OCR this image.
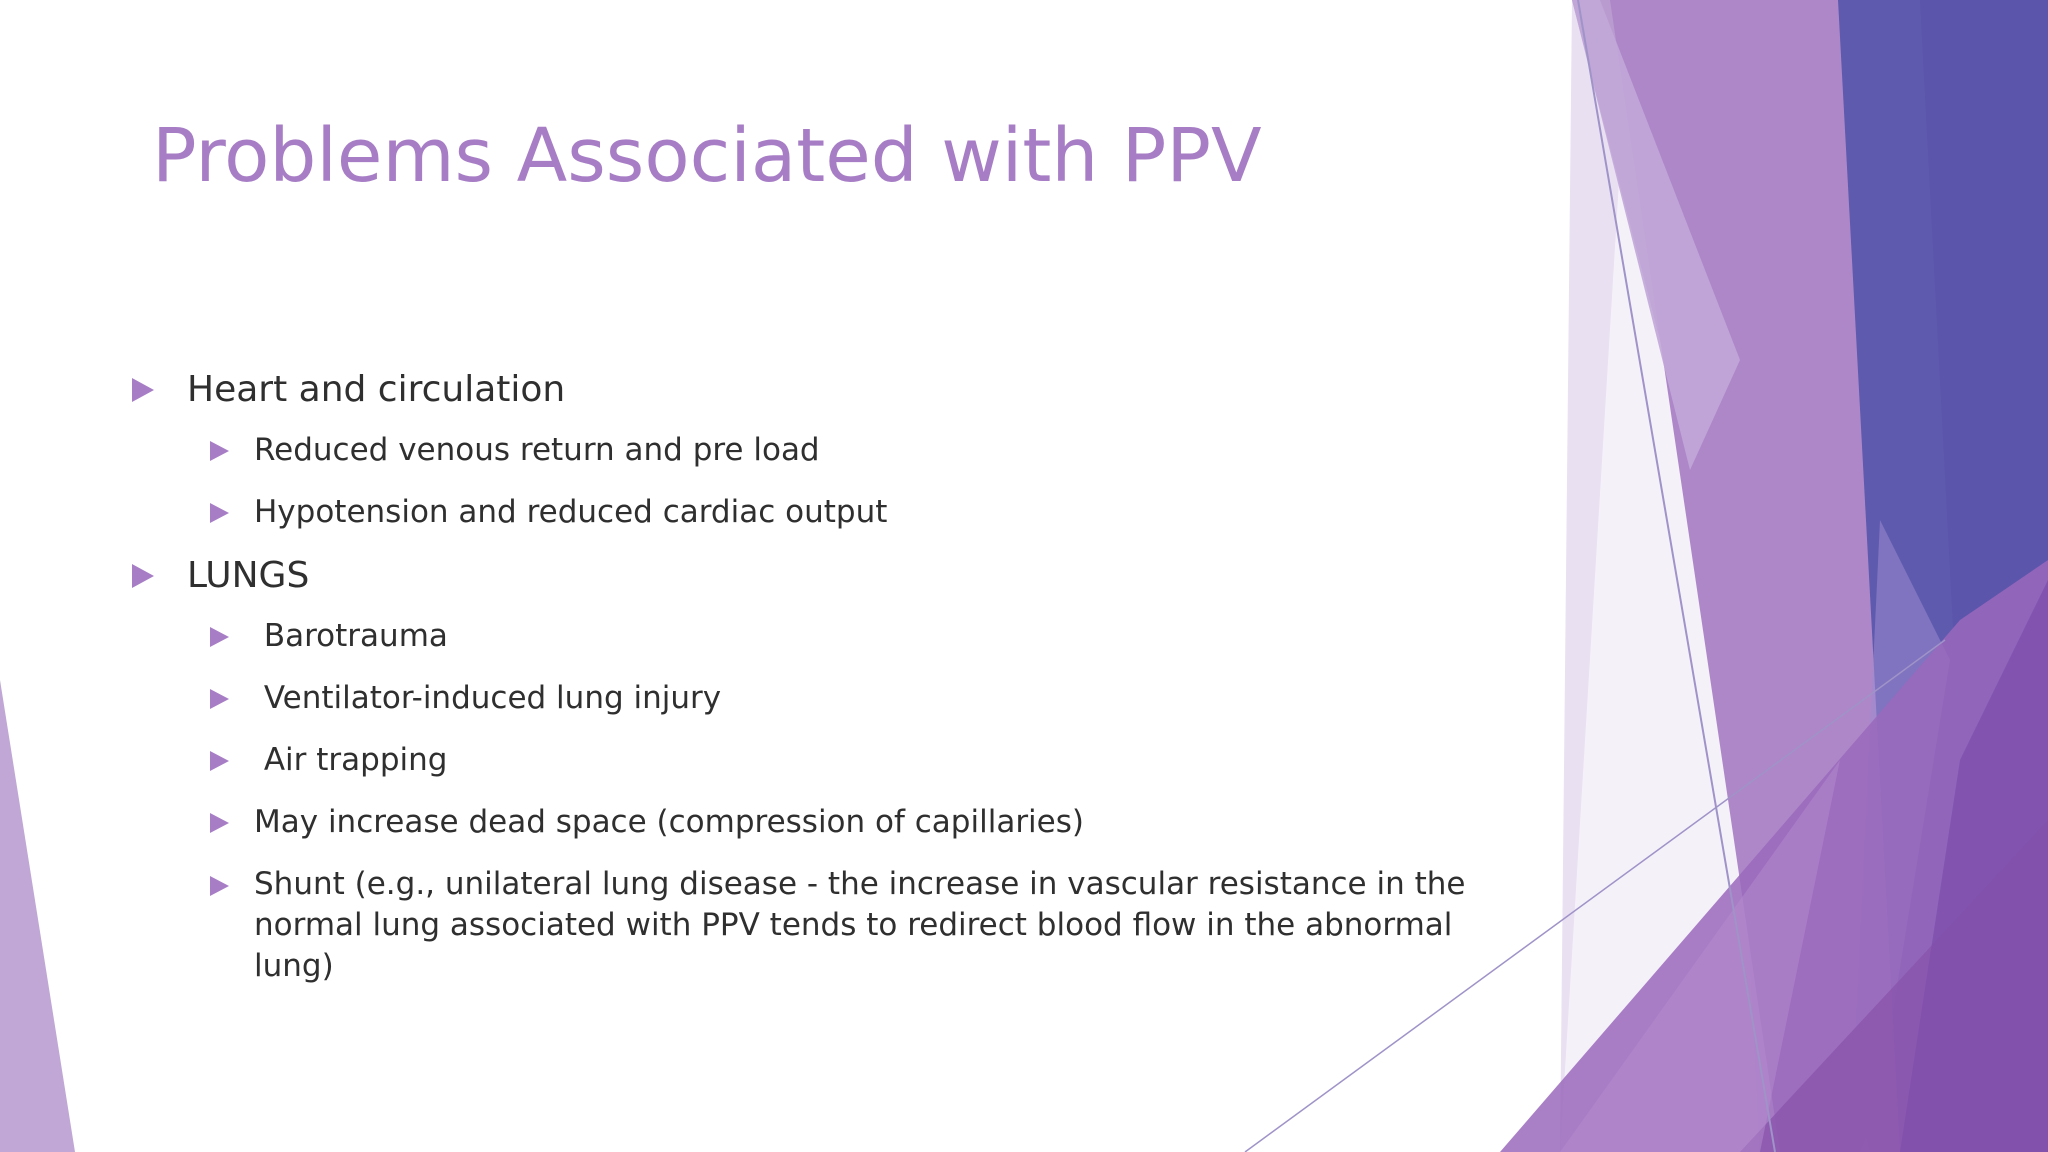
Problems Associated with PPV
Heart and circulation
Reduced venous return and pre load
Hypotension and reduced cardiac output
LUNGS
Barotrauma
Ventilator-induced lung injury
Air trapping
May increase dead space (compression of capillaries)
Shunt (e.g., unilateral lung disease - the increase in vascular resistance in the normal lung associated with PPV tends to redirect blood flow in the abnormal lung)
